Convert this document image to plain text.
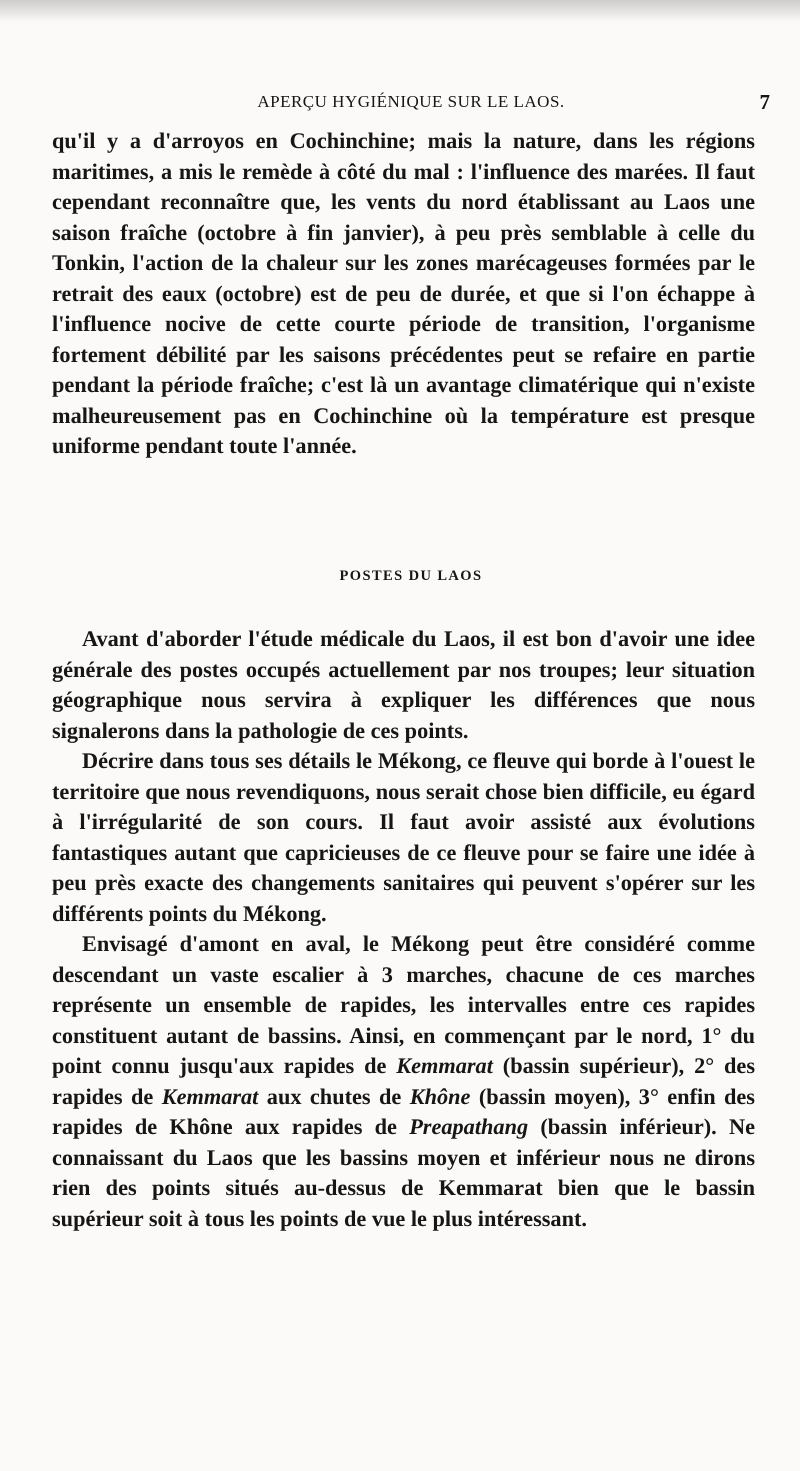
APERÇU HYGIÉNIQUE SUR LE LAOS.	7

qu'il y a d'arroyos en Cochinchine; mais la nature, dans les régions maritimes, a mis le remède à côté du mal : l'influence des marées. Il faut cependant reconnaître que, les vents du nord établissant au Laos une saison fraîche (octobre à fin janvier), à peu près semblable à celle du Tonkin, l'action de la chaleur sur les zones marécageuses formées par le retrait des eaux (octobre) est de peu de durée, et que si l'on échappe à l'influence nocive de cette courte période de transition, l'organisme fortement débilité par les saisons précédentes peut se refaire en partie pendant la période fraîche; c'est là un avantage climatérique qui n'existe malheureusement pas en Cochinchine où la température est presque uniforme pendant toute l'année.

POSTES DU LAOS

Avant d'aborder l'étude médicale du Laos, il est bon d'avoir une idee générale des postes occupés actuellement par nos troupes; leur situation géographique nous servira à expliquer les différences que nous signalerons dans la pathologie de ces points.

Décrire dans tous ses détails le Mékong, ce fleuve qui borde à l'ouest le territoire que nous revendiquons, nous serait chose bien difficile, eu égard à l'irrégularité de son cours. Il faut avoir assisté aux évolutions fantastiques autant que capricieuses de ce fleuve pour se faire une idée à peu près exacte des changements sanitaires qui peuvent s'opérer sur les différents points du Mékong.

Envisagé d'amont en aval, le Mékong peut être considéré comme descendant un vaste escalier à 3 marches, chacune de ces marches représente un ensemble de rapides, les intervalles entre ces rapides constituent autant de bassins. Ainsi, en commençant par le nord, 1° du point connu jusqu'aux rapides de Kemmarat (bassin supérieur), 2° des rapides de Kemmarat aux chutes de Khône (bassin moyen), 3° enfin des rapides de Khône aux rapides de Preapathang (bassin inférieur). Ne connaissant du Laos que les bassins moyen et inférieur nous ne dirons rien des points situés au-dessus de Kemmarat bien que le bassin supérieur soit à tous les points de vue le plus intéressant.
